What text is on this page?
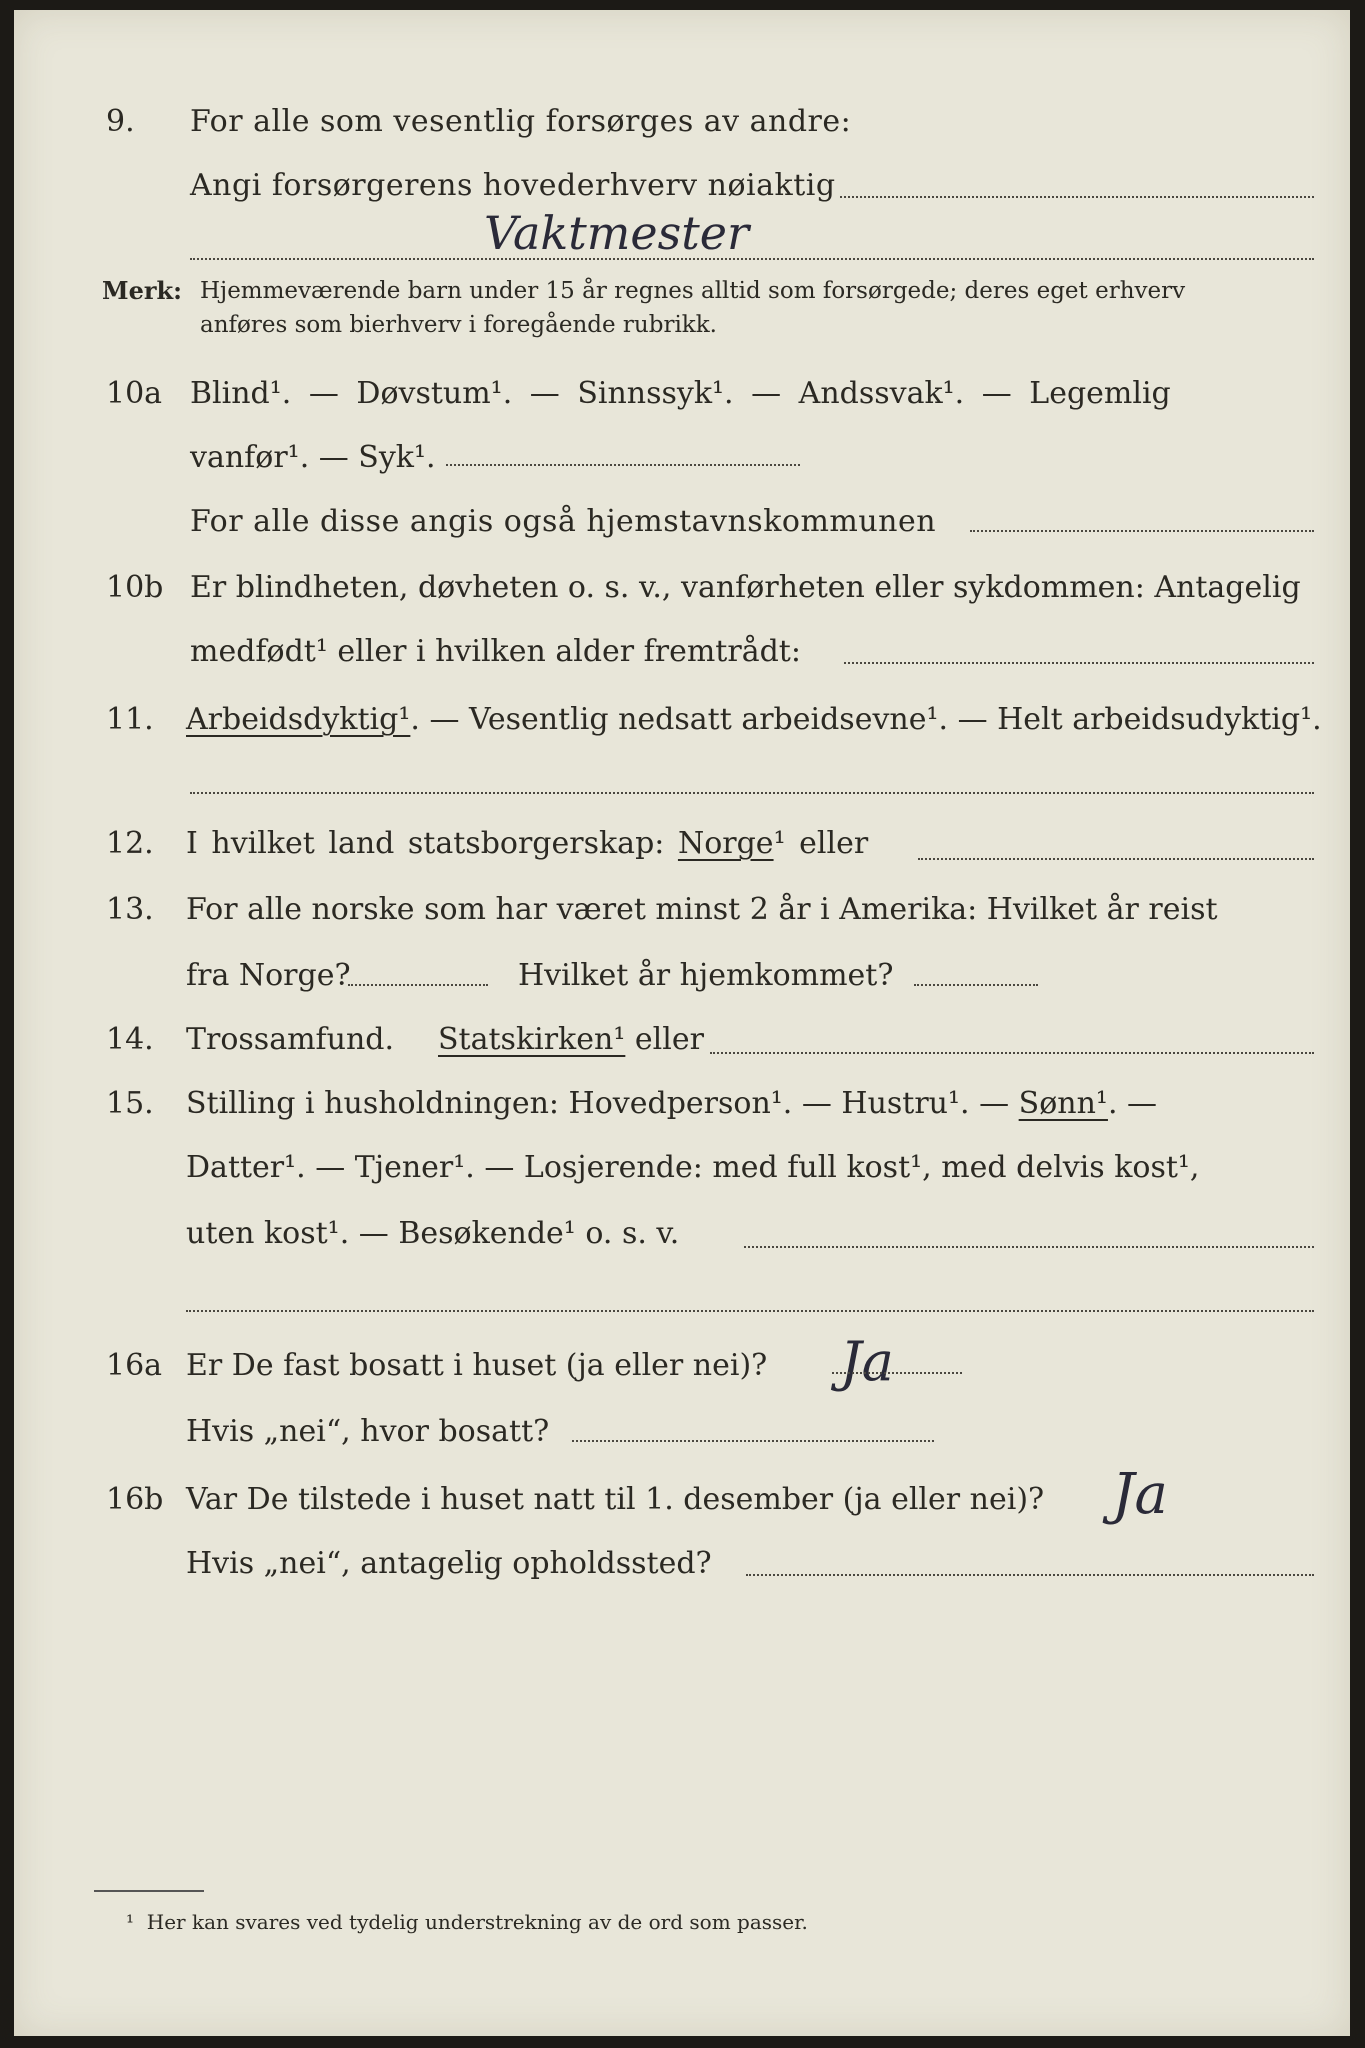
9. For alle som vesentlig forsørges av andre:
Angi forsørgerens hovederhverv nøiaktig
Vaktmester
Merk: Hjemmeværende barn under 15 år regnes alltid som forsørgede; deres eget erhverv
anføres som bierhverv i foregående rubrikk.
10a Blind¹. — Døvstum¹. — Sinnssyk¹. — Andssvak¹. — Legemlig
vanfør¹. — Syk¹.
For alle disse angis også hjemstavnskommunen
10b Er blindheten, døvheten o. s. v., vanførheten eller sykdommen: Antagelig
medfødt¹ eller i hvilken alder fremtrådt:
11. Arbeidsdyktig¹. — Vesentlig nedsatt arbeidsevne¹. — Helt arbeidsudyktig¹.
12. I hvilket land statsborgerskap: Norge¹ eller
13. For alle norske som har været minst 2 år i Amerika: Hvilket år reist
fra Norge?	Hvilket år hjemkommet?
14. Trossamfund. Statskirken¹ eller
15. Stilling i husholdningen: Hovedperson¹. — Hustru¹. — Sønn¹. —
Datter¹. — Tjener¹. — Losjerende: med full kost¹, med delvis kost¹,
uten kost¹. — Besøkende¹ o. s. v.
16a Er De fast bosatt i huset (ja eller nei)? Ja
Hvis „nei“, hvor bosatt?
16b Var De tilstede i huset natt til 1. desember (ja eller nei)? Ja
Hvis „nei“, antagelig opholdssted?
¹ Her kan svares ved tydelig understrekning av de ord som passer.
